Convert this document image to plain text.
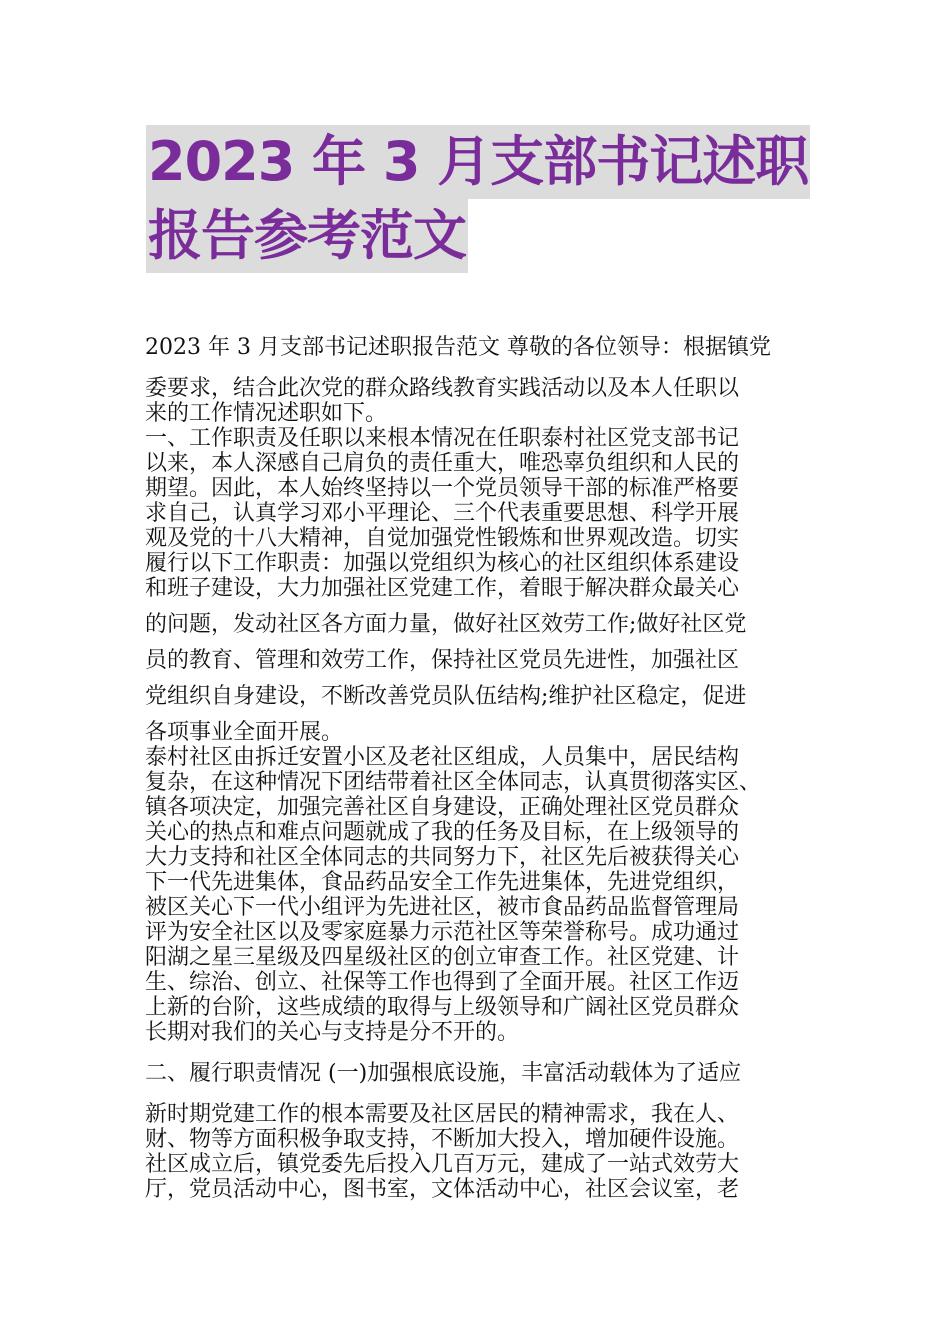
2023 年 3 月支部书记述职
报告参考范文
2023 年 3 月支部书记述职报告范文 尊敬的各位领导：根据镇党
委要求，结合此次党的群众路线教育实践活动以及本人任职以
来的工作情况述职如下。
一、工作职责及任职以来根本情况在任职泰村社区党支部书记
以来，本人深感自己肩负的责任重大，唯恐辜负组织和人民的
期望。因此，本人始终坚持以一个党员领导干部的标准严格要
求自己，认真学习邓小平理论、三个代表重要思想、科学开展
观及党的十八大精神，自觉加强党性锻炼和世界观改造。切实
履行以下工作职责：加强以党组织为核心的社区组织体系建设
和班子建设，大力加强社区党建工作，着眼于解决群众最关心
的问题，发动社区各方面力量，做好社区效劳工作;做好社区党
员的教育、管理和效劳工作，保持社区党员先进性，加强社区
党组织自身建设，不断改善党员队伍结构;维护社区稳定，促进
各项事业全面开展。
泰村社区由拆迁安置小区及老社区组成，人员集中，居民结构
复杂，在这种情况下团结带着社区全体同志，认真贯彻落实区、
镇各项决定，加强完善社区自身建设，正确处理社区党员群众
关心的热点和难点问题就成了我的任务及目标，在上级领导的
大力支持和社区全体同志的共同努力下，社区先后被获得关心
下一代先进集体，食品药品安全工作先进集体，先进党组织，
被区关心下一代小组评为先进社区，被市食品药品监督管理局
评为安全社区以及零家庭暴力示范社区等荣誉称号。成功通过
阳湖之星三星级及四星级社区的创立审查工作。社区党建、计
生、综治、创立、社保等工作也得到了全面开展。社区工作迈
上新的台阶，这些成绩的取得与上级领导和广阔社区党员群众
长期对我们的关心与支持是分不开的。
二、履行职责情况 (一)加强根底设施，丰富活动载体为了适应
新时期党建工作的根本需要及社区居民的精神需求，我在人、
财、物等方面积极争取支持，不断加大投入，增加硬件设施。
社区成立后，镇党委先后投入几百万元，建成了一站式效劳大
厅，党员活动中心，图书室，文体活动中心，社区会议室，老
